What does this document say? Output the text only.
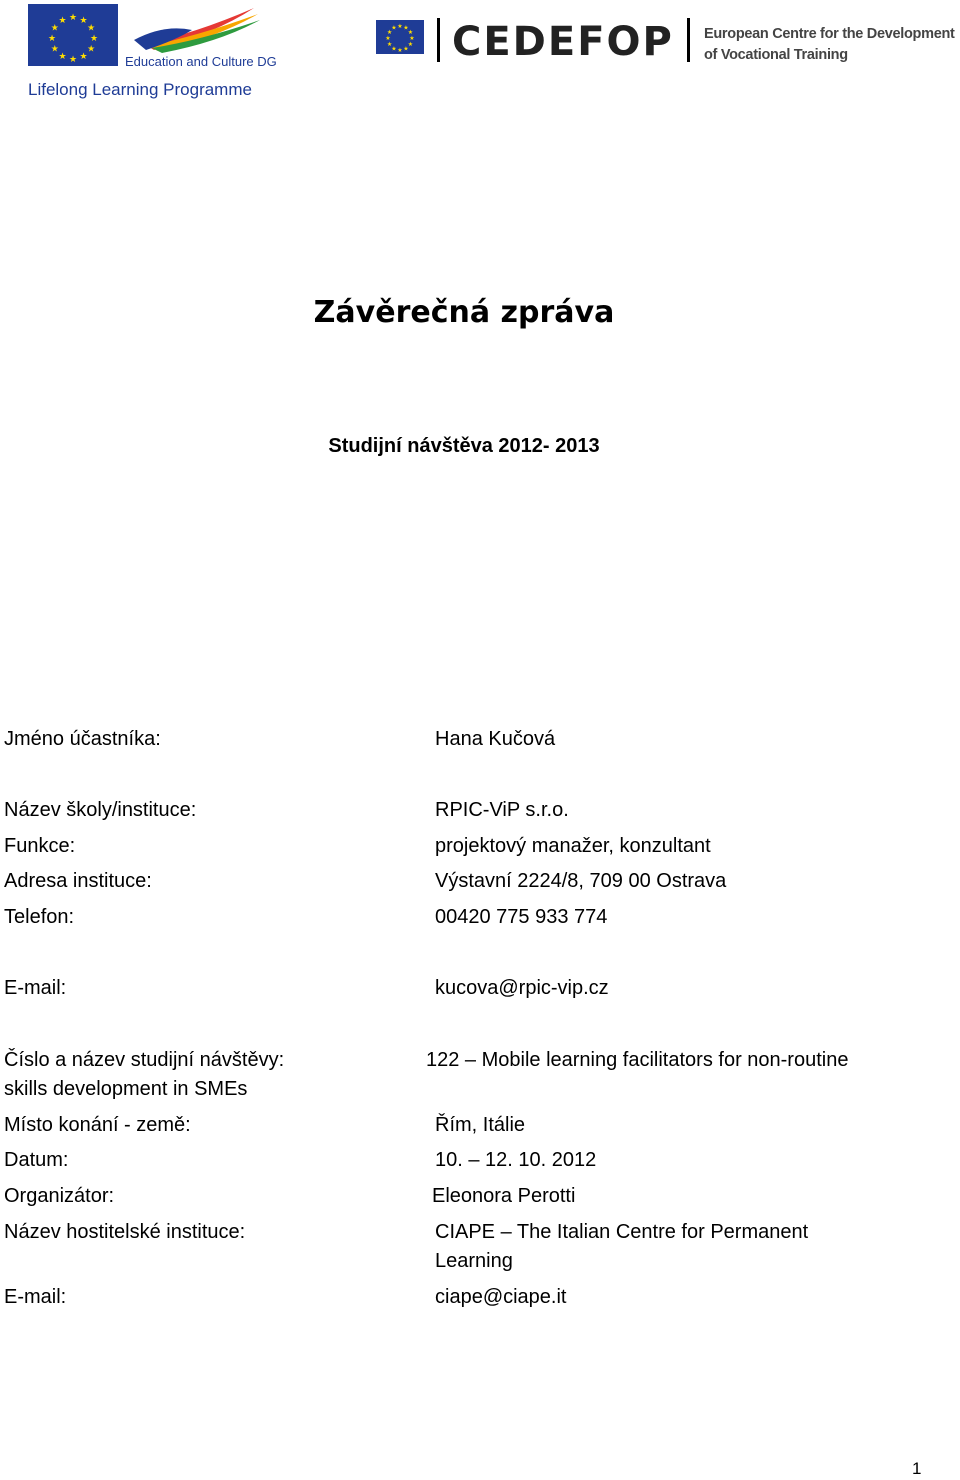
★ ★
★
★
★
★
★
★
★
★
★
★
Education and Culture DG
Lifelong Learning Programme
★ ★
★
★
★
★
★
★
★
★
★
★ CEDEFOP European Centre for the Development
of Vocational Training
Závěrečná zpráva
Studijní návštěva 2012- 2013
Jméno účastníka:	Hana Kučová
Název školy/instituce:	RPIC-ViP s.r.o.
Funkce:	projektový manažer, konzultant
Adresa instituce:	Výstavní 2224/8, 709 00 Ostrava
Telefon:	00420 775 933 774
E-mail:	kucova@rpic-vip.cz
Číslo a název studijní návštěvy:	122 – Mobile learning facilitators for non-routine
skills development in SMEs
Místo konání - země:	Řím, Itálie
Datum:	10. – 12. 10. 2012
Organizátor:	Eleonora Perotti
Název hostitelské instituce:	CIAPE – The Italian Centre for Permanent
Learning
E-mail:	ciape@ciape.it
1
